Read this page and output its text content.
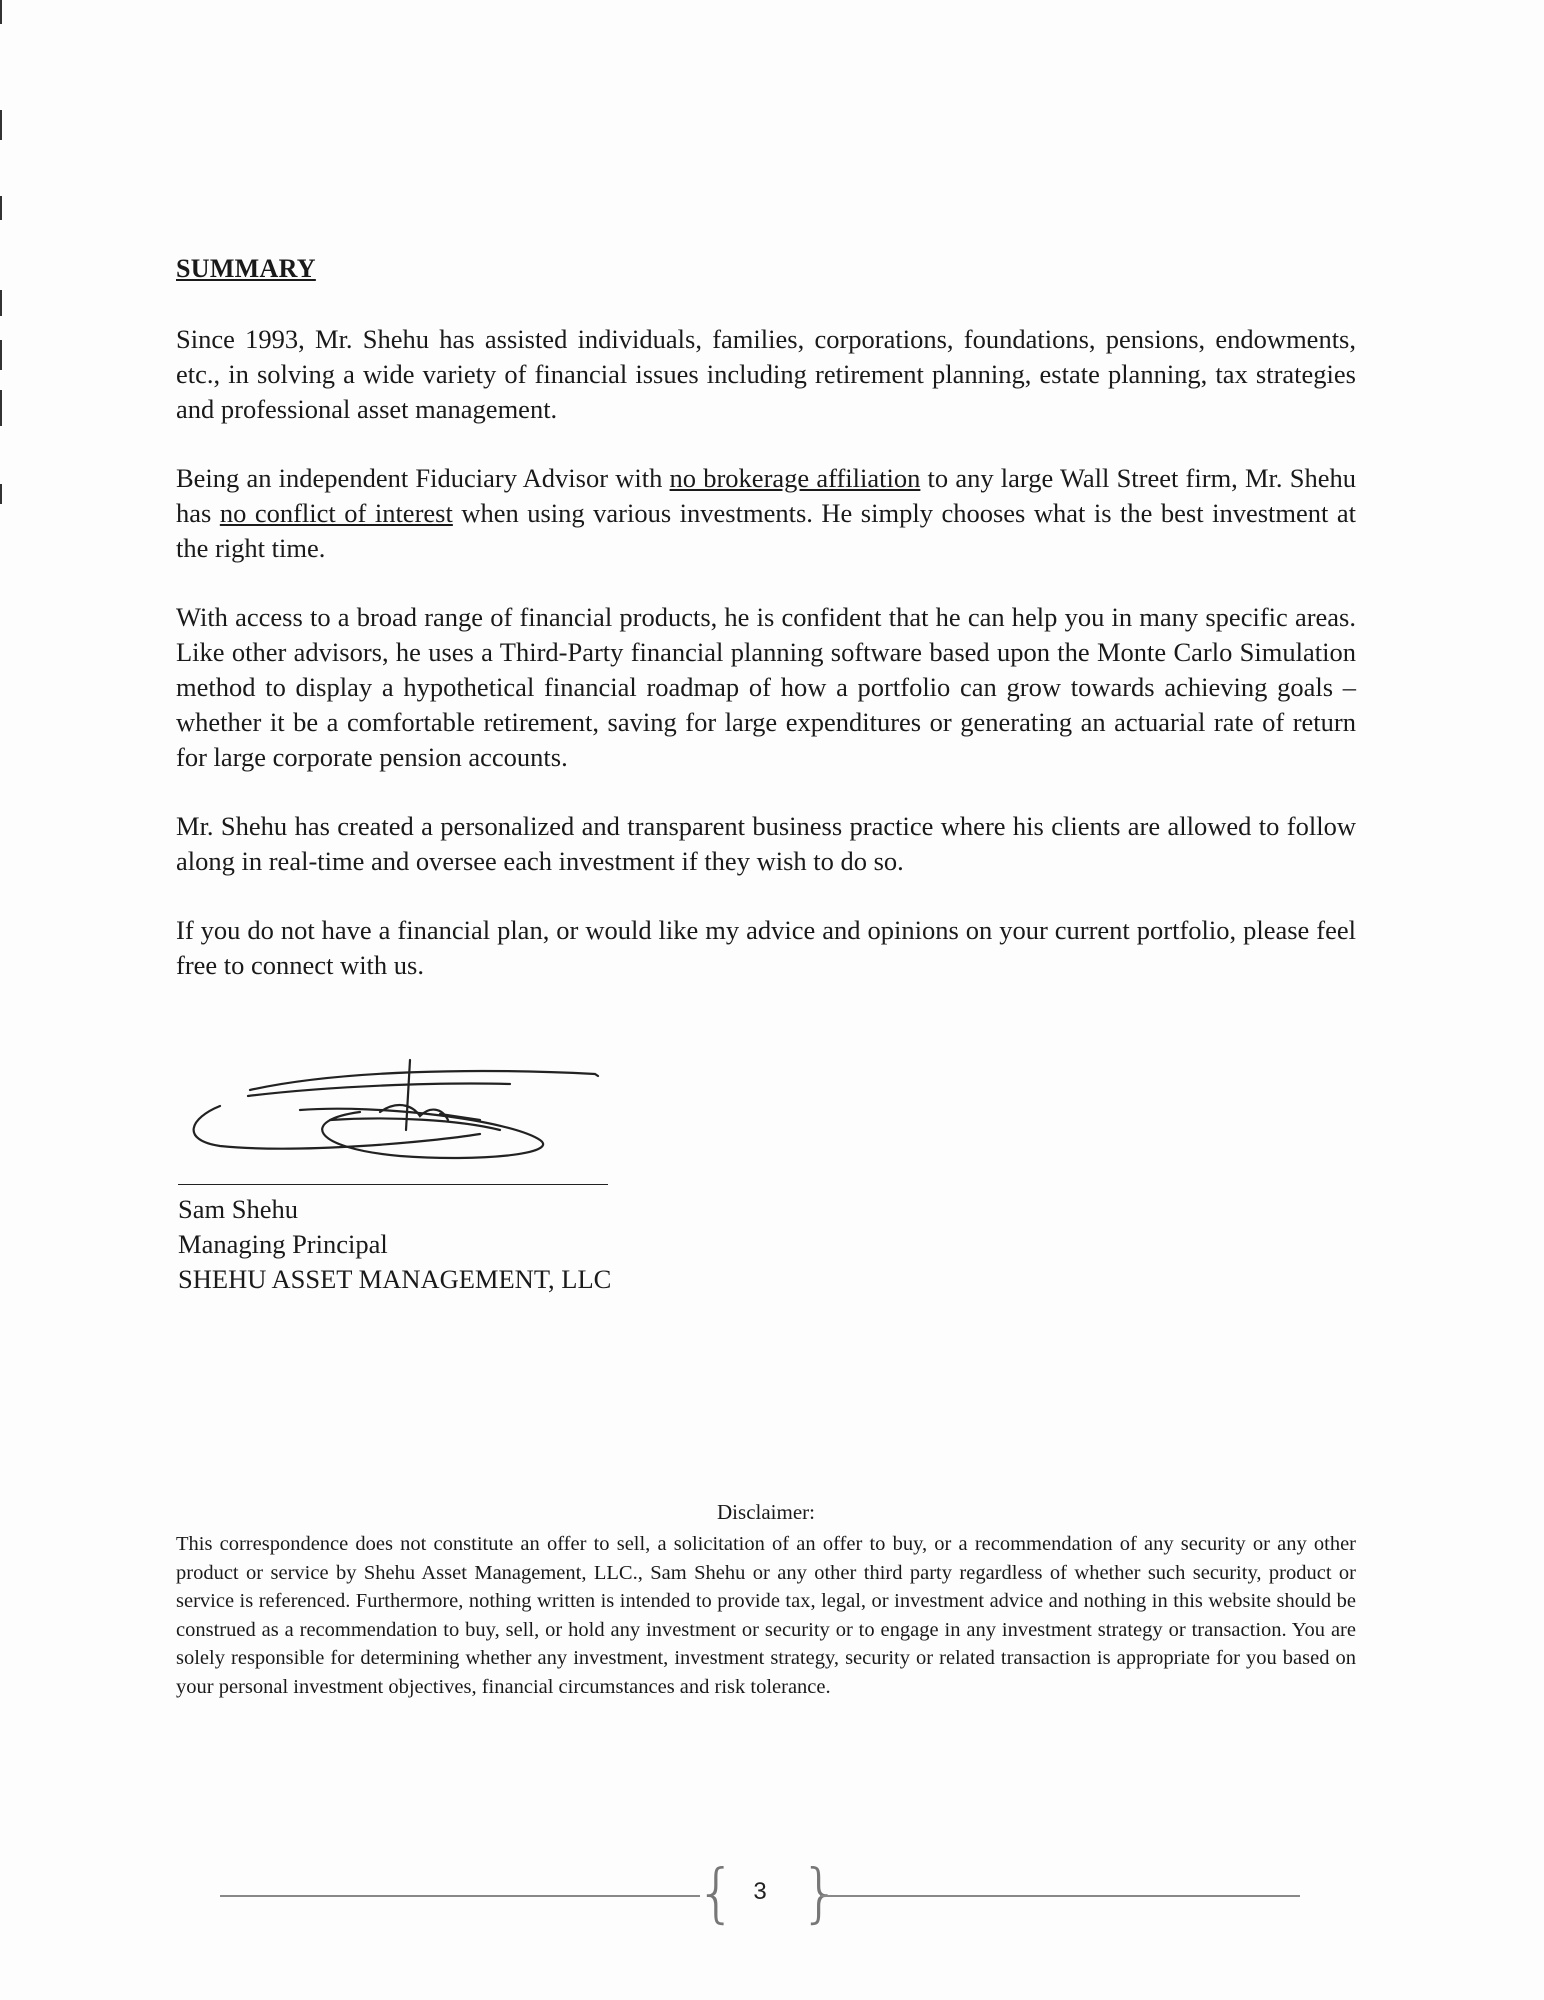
SUMMARY

Since 1993, Mr. Shehu has assisted individuals, families, corporations, foundations, pensions, endowments, etc., in solving a wide variety of financial issues including retirement planning, estate planning, tax strategies and professional asset management.

Being an independent Fiduciary Advisor with no brokerage affiliation to any large Wall Street firm, Mr. Shehu has no conflict of interest when using various investments. He simply chooses what is the best investment at the right time.

With access to a broad range of financial products, he is confident that he can help you in many specific areas. Like other advisors, he uses a Third-Party financial planning software based upon the Monte Carlo Simulation method to display a hypothetical financial roadmap of how a portfolio can grow towards achieving goals – whether it be a comfortable retirement, saving for large expenditures or generating an actuarial rate of return for large corporate pension accounts.

Mr. Shehu has created a personalized and transparent business practice where his clients are allowed to follow along in real-time and oversee each investment if they wish to do so.

If you do not have a financial plan, or would like my advice and opinions on your current portfolio, please feel free to connect with us.

Sam Shehu
Managing Principal
SHEHU ASSET MANAGEMENT, LLC
Disclaimer:
This correspondence does not constitute an offer to sell, a solicitation of an offer to buy, or a recommendation of any security or any other product or service by Shehu Asset Management, LLC., Sam Shehu or any other third party regardless of whether such security, product or service is referenced. Furthermore, nothing written is intended to provide tax, legal, or investment advice and nothing in this website should be construed as a recommendation to buy, sell, or hold any investment or security or to engage in any investment strategy or transaction. You are solely responsible for determining whether any investment, investment strategy, security or related transaction is appropriate for you based on your personal investment objectives, financial circumstances and risk tolerance.
{ 3 }
